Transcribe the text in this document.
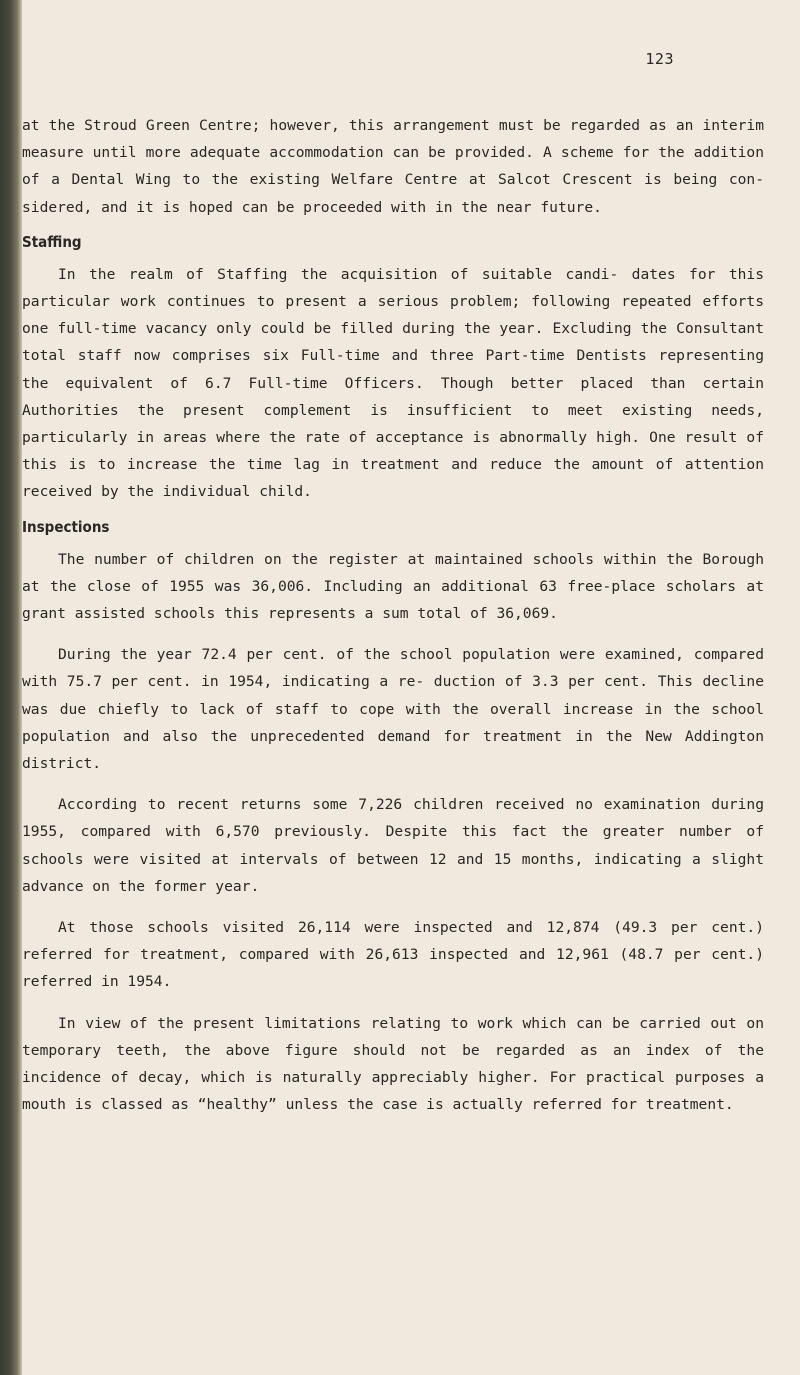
123

at the Stroud Green Centre; however, this arrangement must be regarded as an interim measure until more adequate accommodation can be provided. A scheme for the addition of a Dental Wing to the existing Welfare Centre at Salcot Crescent is being con- sidered, and it is hoped can be proceeded with in the near future.

Staffing

In the realm of Staffing the acquisition of suitable candi- dates for this particular work continues to present a serious problem; following repeated efforts one full-time vacancy only could be filled during the year. Excluding the Consultant total staff now comprises six Full-time and three Part-time Dentists representing the equivalent of 6.7 Full-time Officers. Though better placed than certain Authorities the present complement is insufficient to meet existing needs, particularly in areas where the rate of acceptance is abnormally high. One result of this is to increase the time lag in treatment and reduce the amount of attention received by the individual child.

Inspections

The number of children on the register at maintained schools within the Borough at the close of 1955 was 36,006. Including an additional 63 free-place scholars at grant assisted schools this represents a sum total of 36,069.

During the year 72.4 per cent. of the school population were examined, compared with 75.7 per cent. in 1954, indicating a re- duction of 3.3 per cent. This decline was due chiefly to lack of staff to cope with the overall increase in the school population and also the unprecedented demand for treatment in the New Addington district.

According to recent returns some 7,226 children received no examination during 1955, compared with 6,570 previously. Despite this fact the greater number of schools were visited at intervals of between 12 and 15 months, indicating a slight advance on the former year.

At those schools visited 26,114 were inspected and 12,874 (49.3 per cent.) referred for treatment, compared with 26,613 inspected and 12,961 (48.7 per cent.) referred in 1954.

In view of the present limitations relating to work which can be carried out on temporary teeth, the above figure should not be regarded as an index of the incidence of decay, which is naturally appreciably higher. For practical purposes a mouth is classed as “healthy” unless the case is actually referred for treatment.
